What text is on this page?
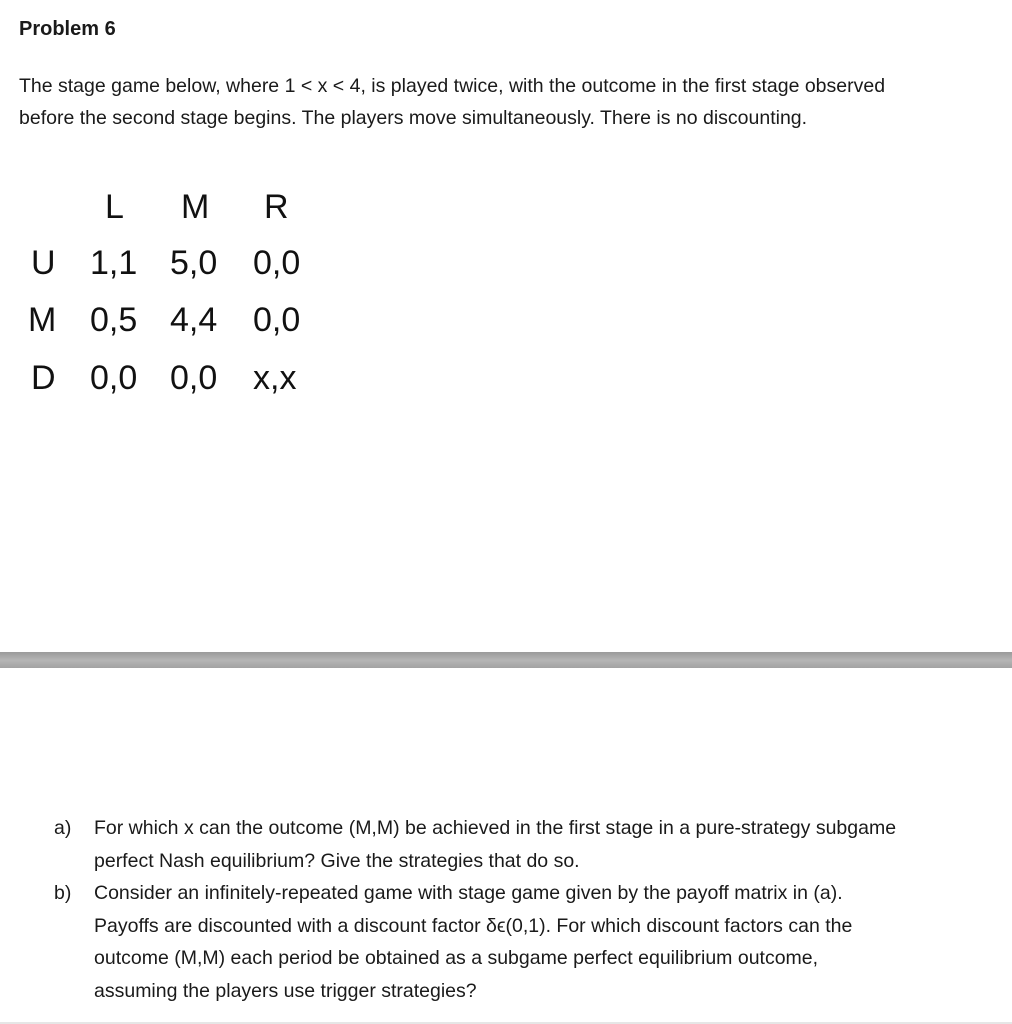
Problem 6

The stage game below, where 1 < x < 4, is played twice, with the outcome in the first stage observed

before the second stage begins. The players move simultaneously. There is no discounting.

L M R
U 1,1 5,0 0,0
M 0,5 4,4 0,0
D 0,0 0,0 x,x
a) For which x can the outcome (M,M) be achieved in the first stage in a pure-strategy subgame
perfect Nash equilibrium? Give the strategies that do so.
b) Consider an infinitely-repeated game with stage game given by the payoff matrix in (a).
Payoffs are discounted with a discount factor δϵ(0,1). For which discount factors can the
outcome (M,M) each period be obtained as a subgame perfect equilibrium outcome,
assuming the players use trigger strategies?
